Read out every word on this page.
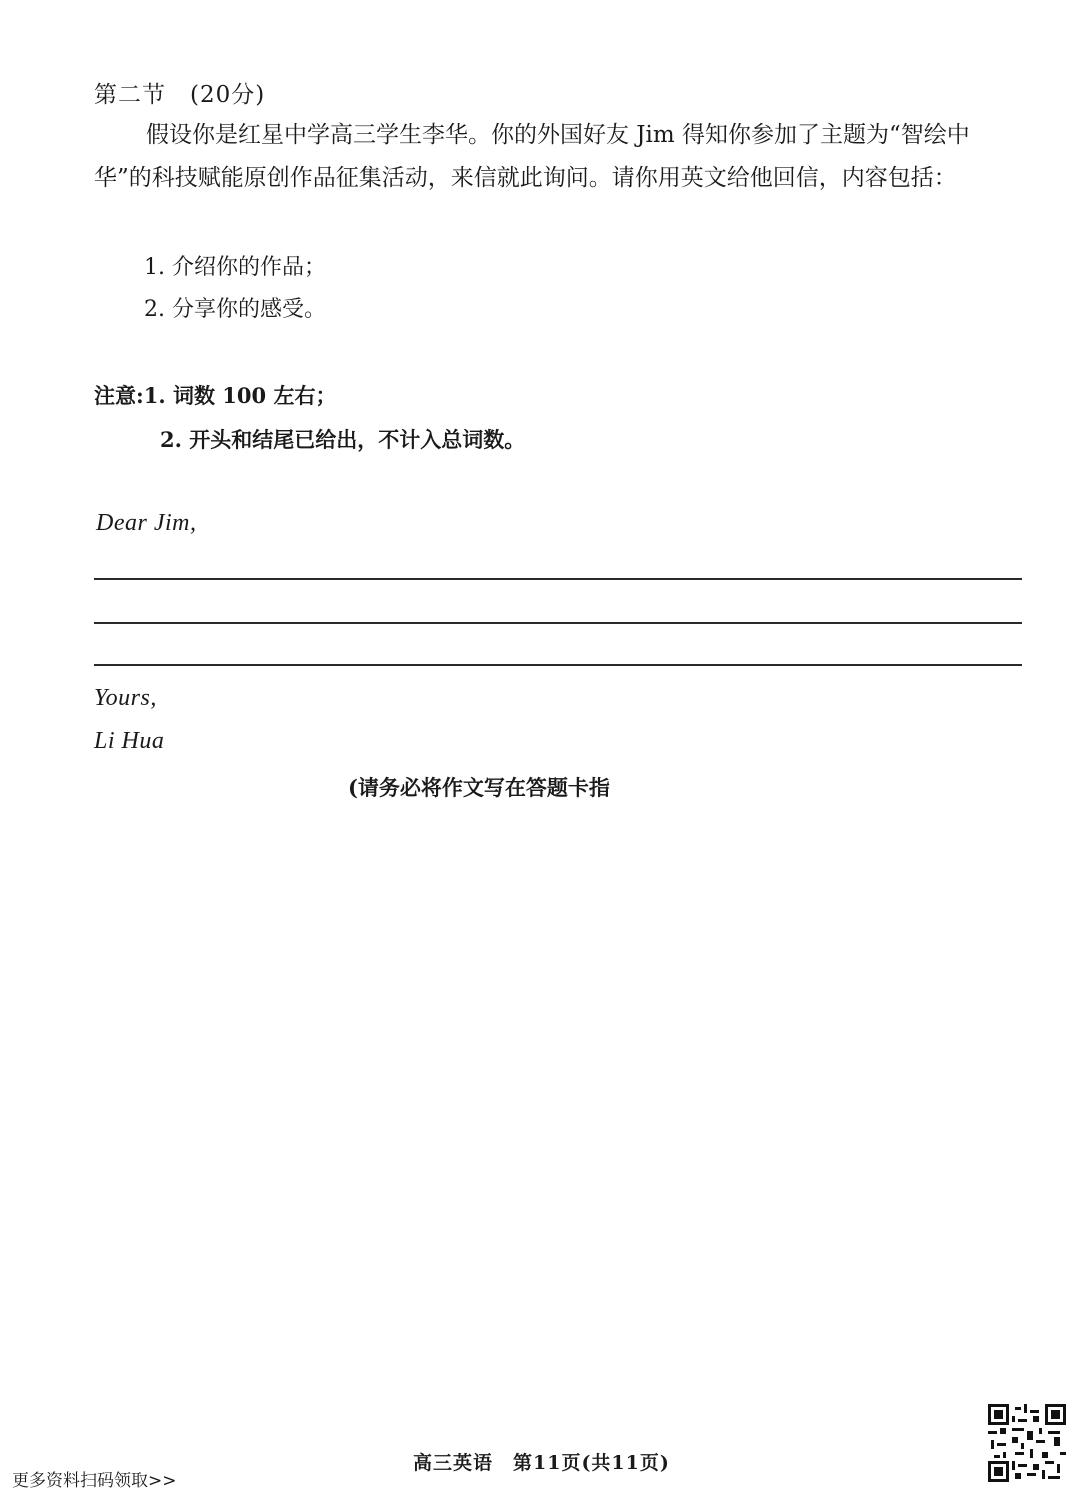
第二节　(20分)
假设你是红星中学高三学生李华。你的外国好友 Jim 得知你参加了主题为“智绘中华”的科技赋能原创作品征集活动，来信就此询问。请你用英文给他回信，内容包括：
1. 介绍你的作品；
2. 分享你的感受。
注意:1. 词数 100 左右；
2. 开头和结尾已给出，不计入总词数。
Dear Jim,
Yours,
Li Hua
(请务必将作文写在答题卡指
高三英语　第11页(共11页)
更多资料扫码领取>>
